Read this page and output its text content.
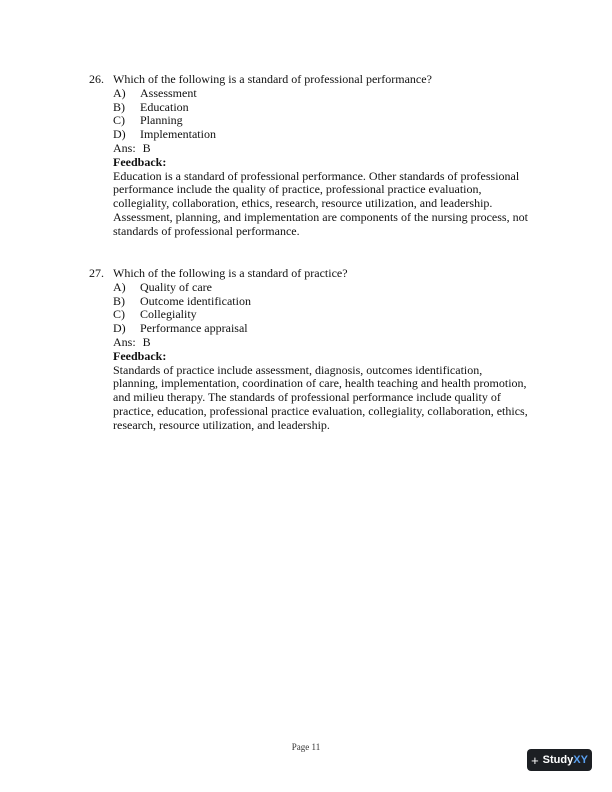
26. Which of the following is a standard of professional performance?
A)	Assessment
B)	Education
C)	Planning
D)	Implementation
Ans: B
Feedback:
Education is a standard of professional performance. Other standards of professional performance include the quality of practice, professional practice evaluation, collegiality, collaboration, ethics, research, resource utilization, and leadership. Assessment, planning, and implementation are components of the nursing process, not standards of professional performance.
27. Which of the following is a standard of practice?
A)	Quality of care
B)	Outcome identification
C)	Collegiality
D)	Performance appraisal
Ans: B
Feedback:
Standards of practice include assessment, diagnosis, outcomes identification, planning, implementation, coordination of care, health teaching and health promotion, and milieu therapy. The standards of professional performance include quality of practice, education, professional practice evaluation, collegiality, collaboration, ethics, research, resource utilization, and leadership.
Page 11
+ StudyXY
